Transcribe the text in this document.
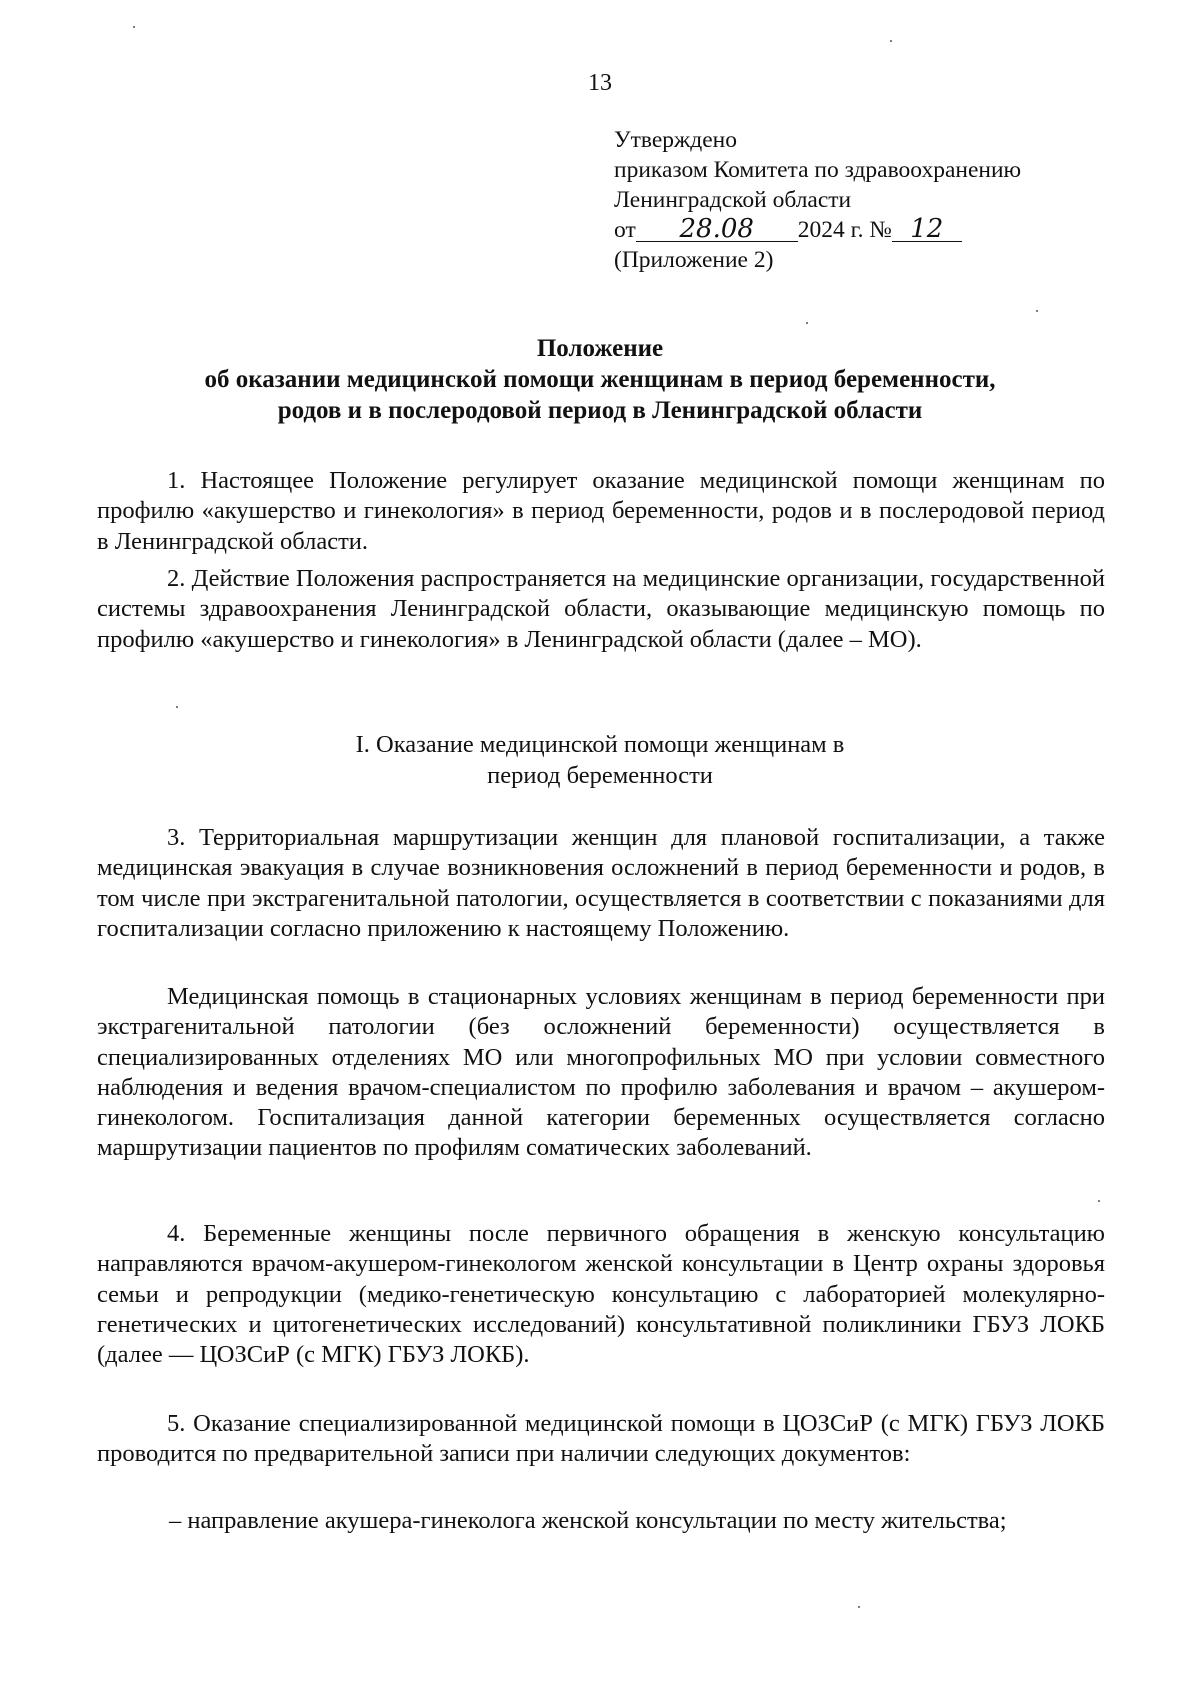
13
Утверждено
приказом Комитета по здравоохранению
Ленинградской области
от 28.08 2024 г. № 12
(Приложение 2)
Положение
об оказании медицинской помощи женщинам в период беременности,
родов и в послеродовой период в Ленинградской области

1. Настоящее Положение регулирует оказание медицинской помощи женщинам по профилю «акушерство и гинекология» в период беременности, родов и в послеродовой период в Ленинградской области.

2. Действие Положения распространяется на медицинские организации, государственной системы здравоохранения Ленинградской области, оказывающие медицинскую помощь по профилю «акушерство и гинекология» в Ленинградской области (далее – МО).

I. Оказание медицинской помощи женщинам в
период беременности

3. Территориальная маршрутизации женщин для плановой госпитализации, а также медицинская эвакуация в случае возникновения осложнений в период беременности и родов, в том числе при экстрагенитальной патологии, осуществляется в соответствии с показаниями для госпитализации согласно приложению к настоящему Положению.

Медицинская помощь в стационарных условиях женщинам в период беременности при экстрагенитальной патологии (без осложнений беременности) осуществляется в специализированных отделениях МО или многопрофильных МО при условии совместного наблюдения и ведения врачом-специалистом по профилю заболевания и врачом – акушером-гинекологом. Госпитализация данной категории беременных осуществляется согласно маршрутизации пациентов по профилям соматических заболеваний.

4. Беременные женщины после первичного обращения в женскую консультацию направляются врачом-акушером-гинекологом женской консультации в Центр охраны здоровья семьи и репродукции (медико-генетическую консультацию с лабораторией молекулярно-генетических и цитогенетических исследований) консультативной поликлиники ГБУЗ ЛОКБ (далее — ЦОЗСиР (с МГК) ГБУЗ ЛОКБ).

5. Оказание специализированной медицинской помощи в ЦОЗСиР (с МГК) ГБУЗ ЛОКБ проводится по предварительной записи при наличии следующих документов:

– направление акушера-гинеколога женской консультации по месту жительства;
